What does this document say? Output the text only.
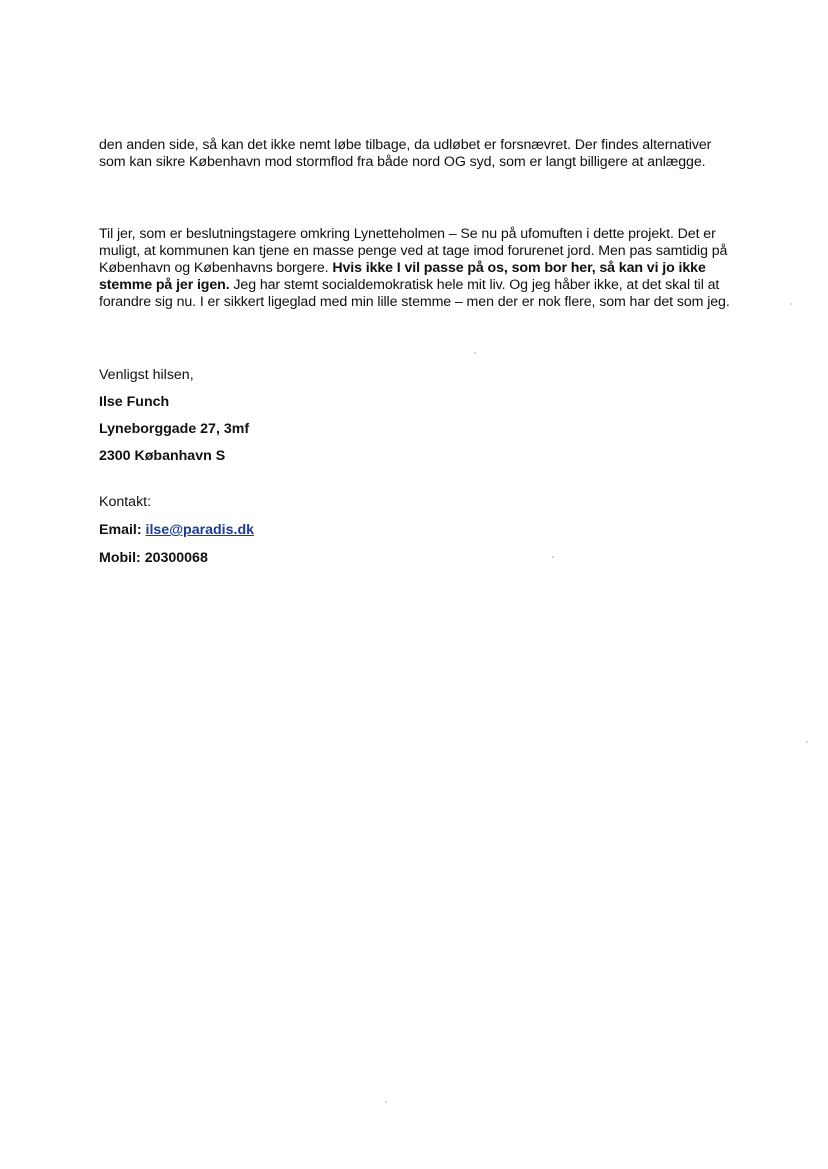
den anden side, så kan det ikke nemt løbe tilbage, da udløbet er forsnævret. Der findes alternativer som kan sikre København mod stormflod fra både nord OG syd, som er langt billigere at anlægge.

Til jer, som er beslutningstagere omkring Lynetteholmen – Se nu på ufomuften i dette projekt. Det er muligt, at kommunen kan tjene en masse penge ved at tage imod forurenet jord. Men pas samtidig på København og Københavns borgere. Hvis ikke I vil passe på os, som bor her, så kan vi jo ikke stemme på jer igen. Jeg har stemt socialdemokratisk hele mit liv. Og jeg håber ikke, at det skal til at forandre sig nu. I er sikkert ligeglad med min lille stemme – men der er nok flere, som har det som jeg.

Venligst hilsen,
Ilse Funch
Lyneborggade 27, 3mf
2300 Købanhavn S
Kontakt:
Email: ilse@paradis.dk
Mobil: 20300068
